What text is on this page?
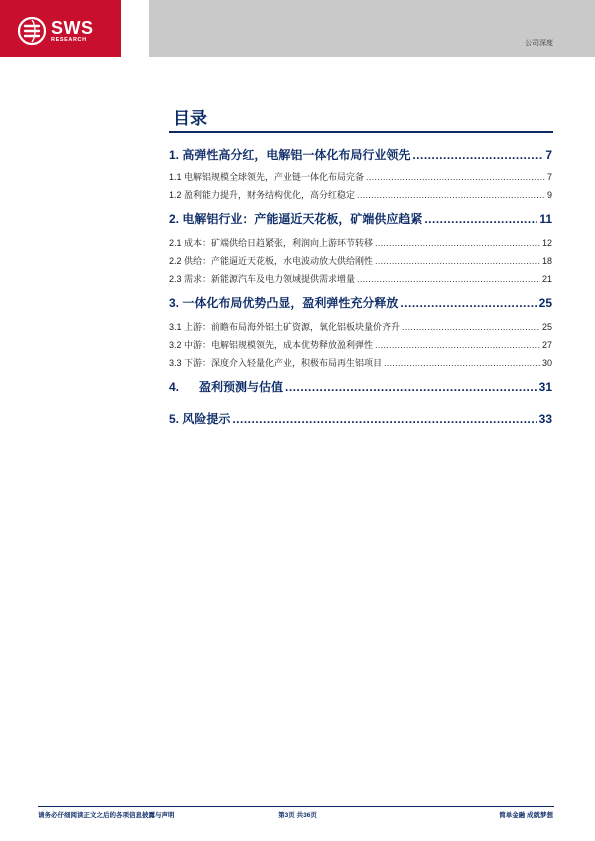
SWS
RESEARCH
公司深度
目录
1. 高弹性高分红，电解铝一体化布局行业领先 .....	7
1.1 电解铝规模全球领先，产业链一体化布局完备 .....	7
1.2 盈利能力提升，财务结构优化，高分红稳定 .....	9
2. 电解铝行业：产能逼近天花板，矿端供应趋紧 .....	11
2.1 成本：矿端供给日趋紧张，利润向上游环节转移 .....	12
2.2 供给：产能逼近天花板，水电波动放大供给刚性 .....	18
2.3 需求：新能源汽车及电力领域提供需求增量 .....	21
3. 一体化布局优势凸显，盈利弹性充分释放 .....	25
3.1 上游：前瞻布局海外铝土矿资源，氧化铝板块量价齐升 .....	25
3.2 中游：电解铝规模领先，成本优势释放盈利弹性 .....	27
3.3 下游：深度介入轻量化产业，积极布局再生铝项目 .....	30
4.      盈利预测与估值 .....	31
5. 风险提示 .....	33
请务必仔细阅读正文之后的各项信息披露与声明	第3页 共36页	简单金融 成就梦想
